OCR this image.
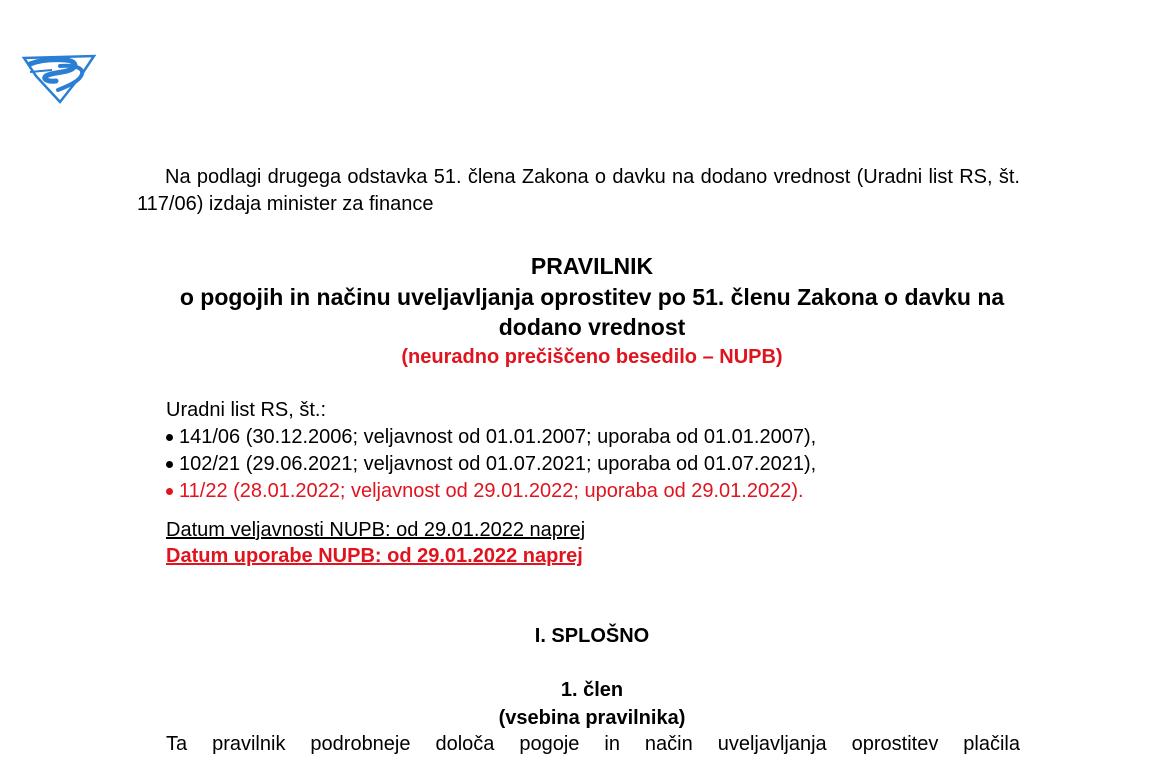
Na podlagi drugega odstavka 51. člena Zakona o davku na dodano vrednost (Uradni list RS, št. 117/06) izdaja minister za finance

PRAVILNIK
o pogojih in načinu uveljavljanja oprostitev po 51. členu Zakona o davku na dodano vrednost
(neuradno prečiščeno besedilo – NUPB)
Uradni list RS, št.:
141/06 (30.12.2006; veljavnost od 01.01.2007; uporaba od 01.01.2007),
102/21 (29.06.2021; veljavnost od 01.07.2021; uporaba od 01.07.2021),
11/22 (28.01.2022; veljavnost od 29.01.2022; uporaba od 29.01.2022).
Datum veljavnosti NUPB: od 29.01.2022 naprej
Datum uporabe NUPB: od 29.01.2022 naprej
I. SPLOŠNO
1. člen
(vsebina pravilnika)
Ta pravilnik podrobneje določa pogoje in način uveljavljanja oprostitev plačila
